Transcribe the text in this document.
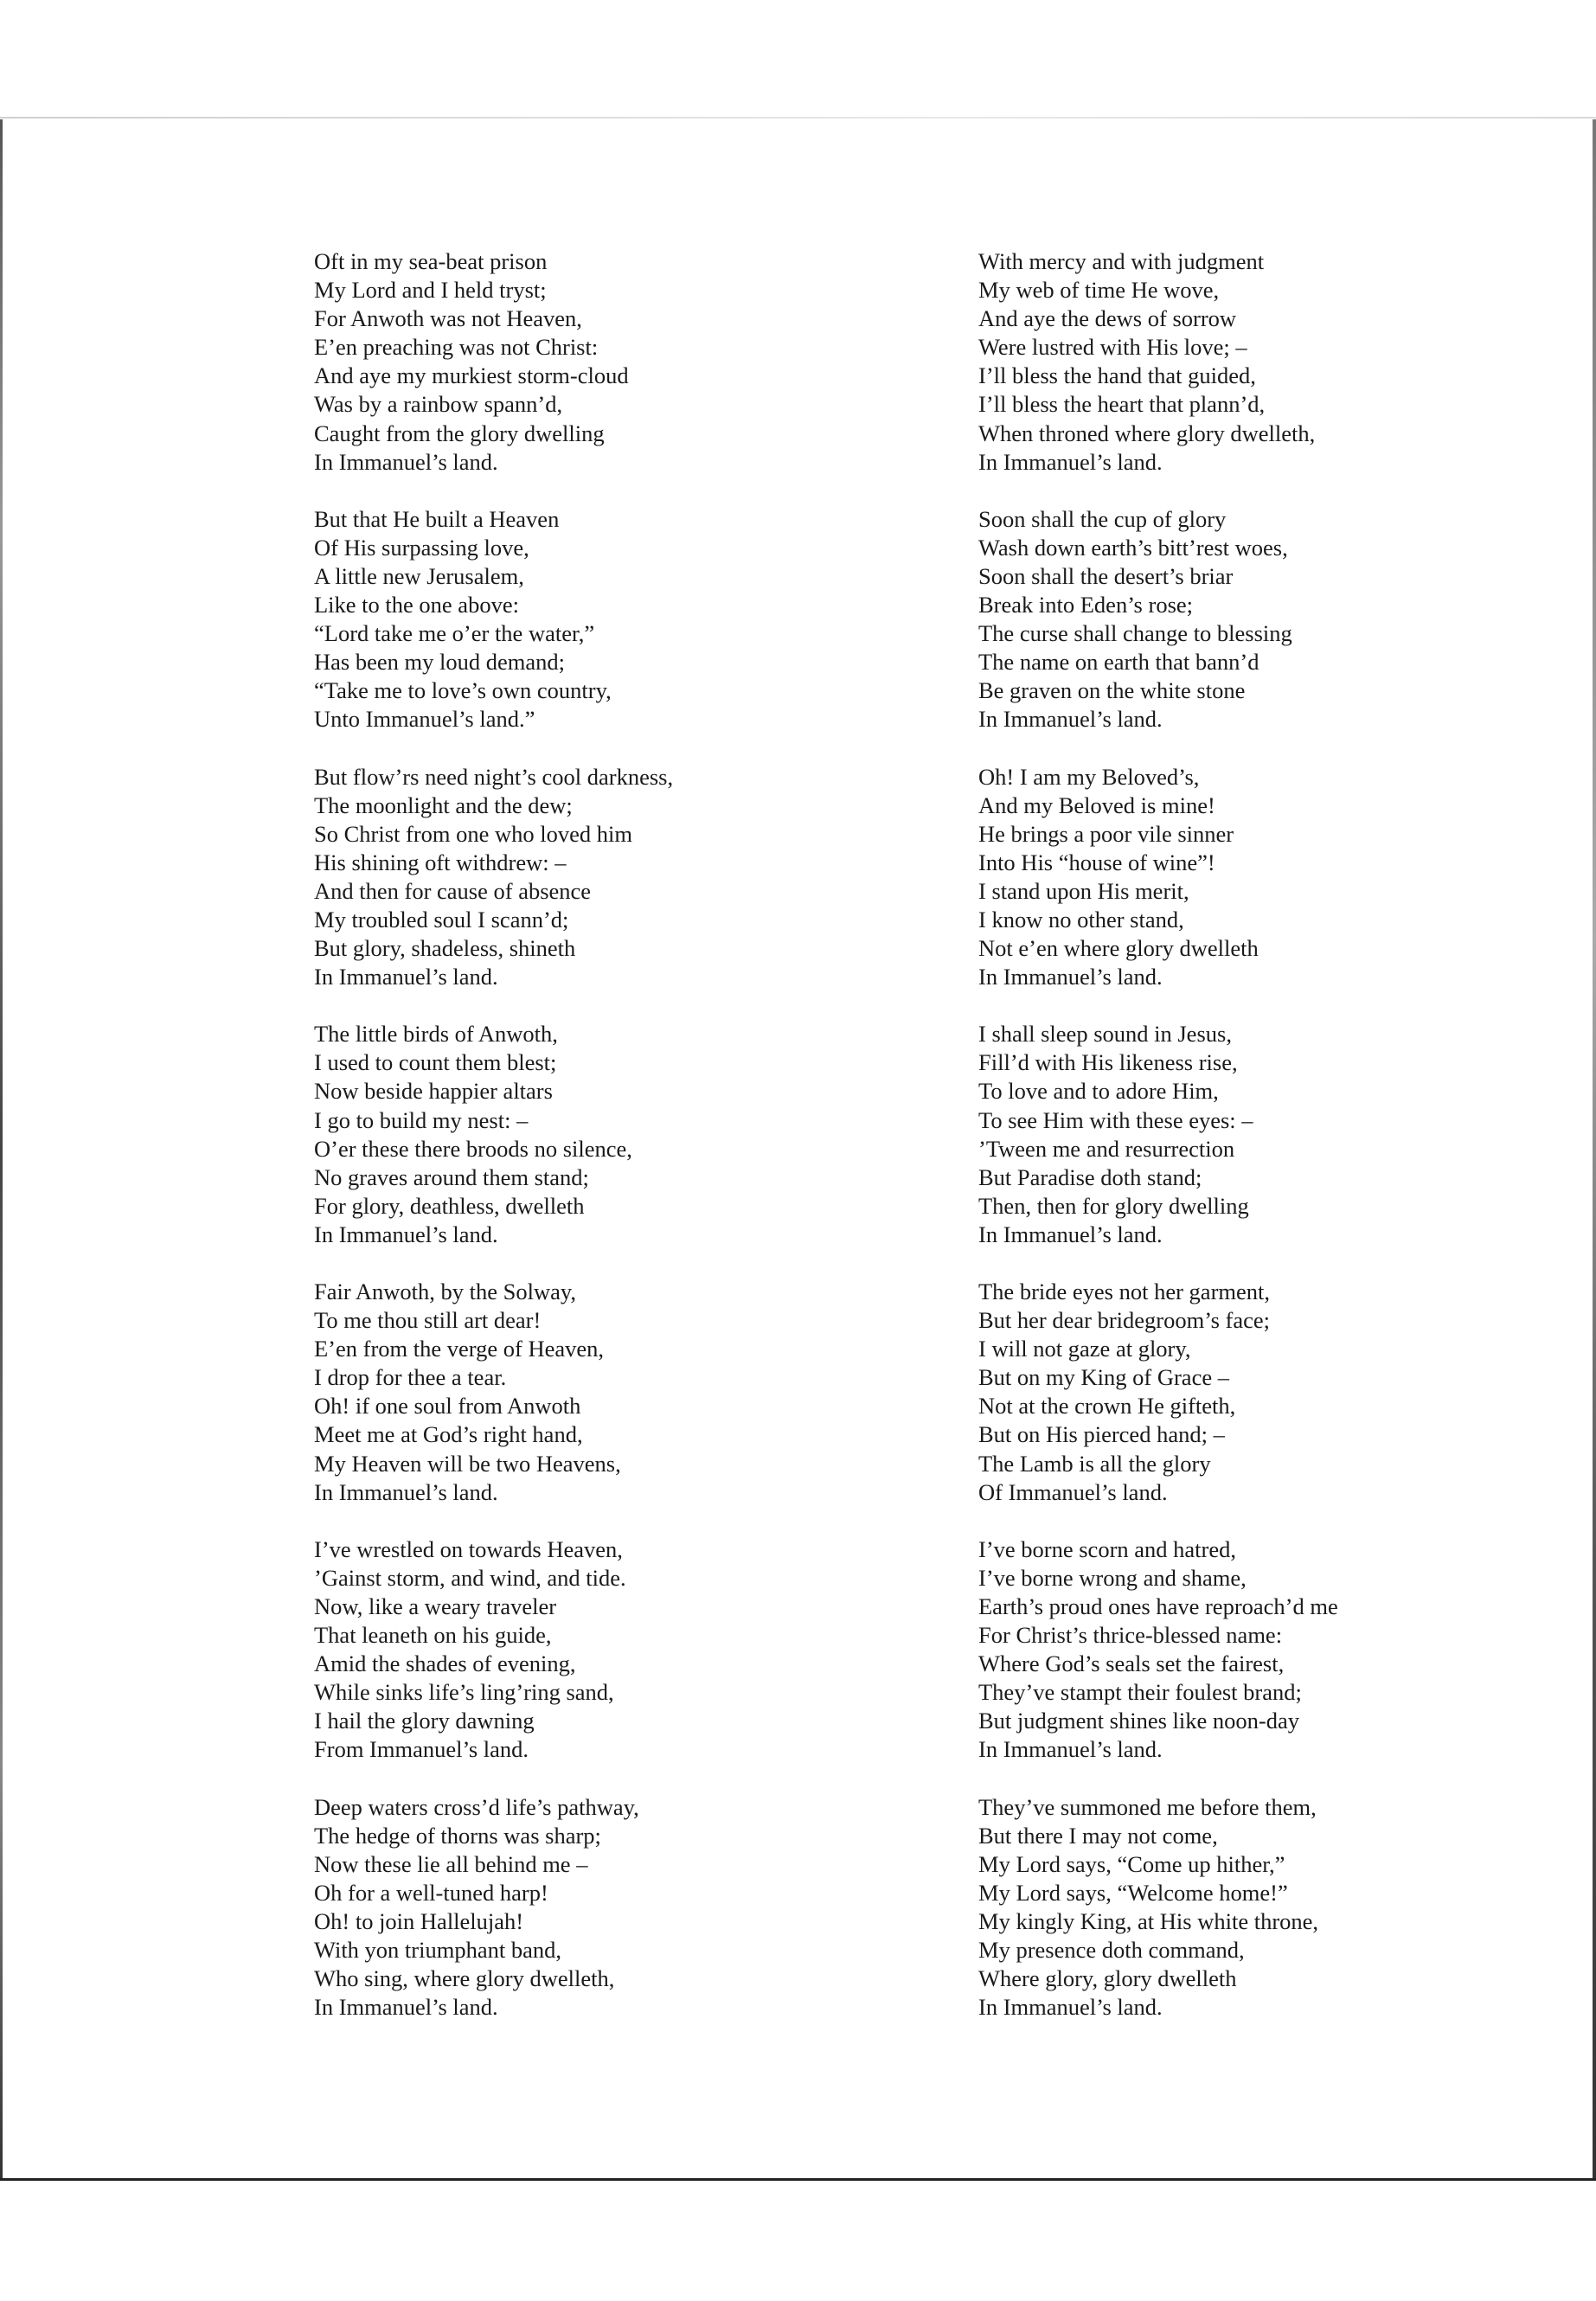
Oft in my sea-beat prison
My Lord and I held tryst;
For Anwoth was not Heaven,
E’en preaching was not Christ:
And aye my murkiest storm-cloud
Was by a rainbow spann’d,
Caught from the glory dwelling
In Immanuel’s land.
But that He built a Heaven
Of His surpassing love,
A little new Jerusalem,
Like to the one above:
“Lord take me o’er the water,”
Has been my loud demand;
“Take me to love’s own country,
Unto Immanuel’s land.”
But flow’rs need night’s cool darkness,
The moonlight and the dew;
So Christ from one who loved him
His shining oft withdrew: –
And then for cause of absence
My troubled soul I scann’d;
But glory, shadeless, shineth
In Immanuel’s land.
The little birds of Anwoth,
I used to count them blest;
Now beside happier altars
I go to build my nest: –
O’er these there broods no silence,
No graves around them stand;
For glory, deathless, dwelleth
In Immanuel’s land.
Fair Anwoth, by the Solway,
To me thou still art dear!
E’en from the verge of Heaven,
I drop for thee a tear.
Oh! if one soul from Anwoth
Meet me at God’s right hand,
My Heaven will be two Heavens,
In Immanuel’s land.
I’ve wrestled on towards Heaven,
’Gainst storm, and wind, and tide.
Now, like a weary traveler
That leaneth on his guide,
Amid the shades of evening,
While sinks life’s ling’ring sand,
I hail the glory dawning
From Immanuel’s land.
Deep waters cross’d life’s pathway,
The hedge of thorns was sharp;
Now these lie all behind me –
Oh for a well-tuned harp!
Oh! to join Hallelujah!
With yon triumphant band,
Who sing, where glory dwelleth,
In Immanuel’s land.
With mercy and with judgment
My web of time He wove,
And aye the dews of sorrow
Were lustred with His love; –
I’ll bless the hand that guided,
I’ll bless the heart that plann’d,
When throned where glory dwelleth,
In Immanuel’s land.
Soon shall the cup of glory
Wash down earth’s bitt’rest woes,
Soon shall the desert’s briar
Break into Eden’s rose;
The curse shall change to blessing
The name on earth that bann’d
Be graven on the white stone
In Immanuel’s land.
Oh! I am my Beloved’s,
And my Beloved is mine!
He brings a poor vile sinner
Into His “house of wine”!
I stand upon His merit,
I know no other stand,
Not e’en where glory dwelleth
In Immanuel’s land.
I shall sleep sound in Jesus,
Fill’d with His likeness rise,
To love and to adore Him,
To see Him with these eyes: –
’Tween me and resurrection
But Paradise doth stand;
Then, then for glory dwelling
In Immanuel’s land.
The bride eyes not her garment,
But her dear bridegroom’s face;
I will not gaze at glory,
But on my King of Grace –
Not at the crown He gifteth,
But on His pierced hand; –
The Lamb is all the glory
Of Immanuel’s land.
I’ve borne scorn and hatred,
I’ve borne wrong and shame,
Earth’s proud ones have reproach’d me
For Christ’s thrice-blessed name:
Where God’s seals set the fairest,
They’ve stampt their foulest brand;
But judgment shines like noon-day
In Immanuel’s land.
They’ve summoned me before them,
But there I may not come,
My Lord says, “Come up hither,”
My Lord says, “Welcome home!”
My kingly King, at His white throne,
My presence doth command,
Where glory, glory dwelleth
In Immanuel’s land.
